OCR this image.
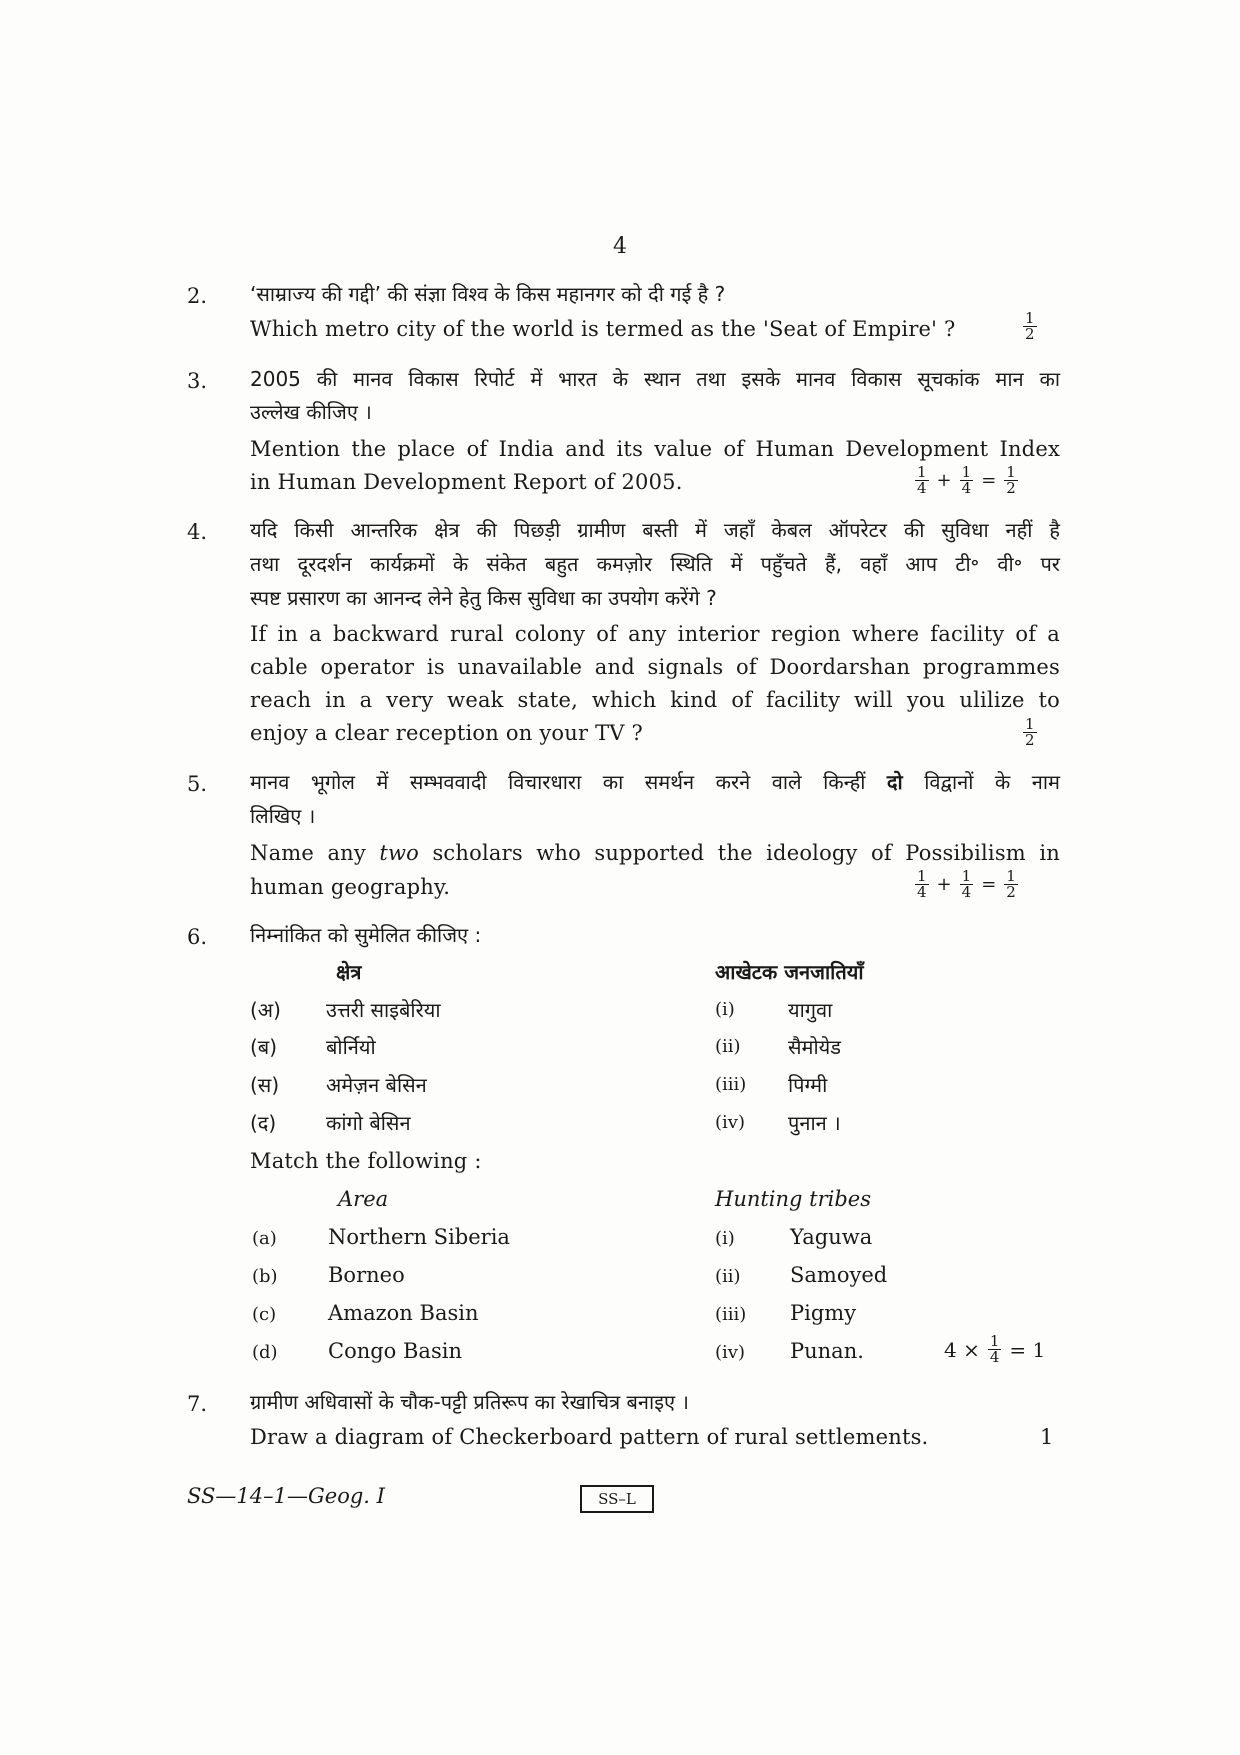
4
2. ‘साम्राज्य की गद्दी’ की संज्ञा विश्व के किस महानगर को दी गई है ?
Which metro city of the world is termed as the 'Seat of Empire' ?	$\frac{1}{2}$
3. 2005 की मानव विकास रिपोर्ट में भारत के स्थान तथा इसके मानव विकास सूचकांक मान का
उल्लेख कीजिए ।
Mention the place of India and its value of Human Development Index
in Human Development Report of 2005.	$\frac{1}{4} + \frac{1}{4} = \frac{1}{2}$
4. यदि किसी आन्तरिक क्षेत्र की पिछड़ी ग्रामीण बस्ती में जहाँ केबल ऑपरेटर की सुविधा नहीं है
तथा दूरदर्शन कार्यक्रमों के संकेत बहुत कमज़ोर स्थिति में पहुँचते हैं, वहाँ आप टी॰ वी॰ पर
स्पष्ट प्रसारण का आनन्द लेने हेतु किस सुविधा का उपयोग करेंगे ?
If in a backward rural colony of any interior region where facility of a
cable operator is unavailable and signals of Doordarshan programmes
reach in a very weak state, which kind of facility will you ulilize to
enjoy a clear reception on your TV ?	$\frac{1}{2}$
5. मानव भूगोल में सम्भववादी विचारधारा का समर्थन करने वाले किन्हीं दो विद्वानों के नाम
लिखिए ।
Name any two scholars who supported the ideology of Possibilism in
human geography.	$\frac{1}{4} + \frac{1}{4} = \frac{1}{2}$
6. निम्नांकित को सुमेलित कीजिए :
क्षेत्र	आखेटक जनजातियाँ
(अ) उत्तरी साइबेरिया	(i)	यागुवा
(ब) बोर्नियो	(ii) सैमोयेड
(स) अमेज़न बेसिन	(iii) पिग्मी
(द) कांगो बेसिन	(iv) पुनान ।
Match the following :
Area	Hunting tribes
(a) Northern Siberia	(i)	Yaguwa
(b) Borneo	(ii) Samoyed
(c) Amazon Basin	(iii) Pigmy
(d) Congo Basin	(iv) Punan.	$4 \times \frac{1}{4} = 1$
7. ग्रामीण अधिवासों के चौक-पट्टी प्रतिरूप का रेखाचित्र बनाइए ।
Draw a diagram of Checkerboard pattern of rural settlements.	1
SS—14–1—Geog. I	SS–L
